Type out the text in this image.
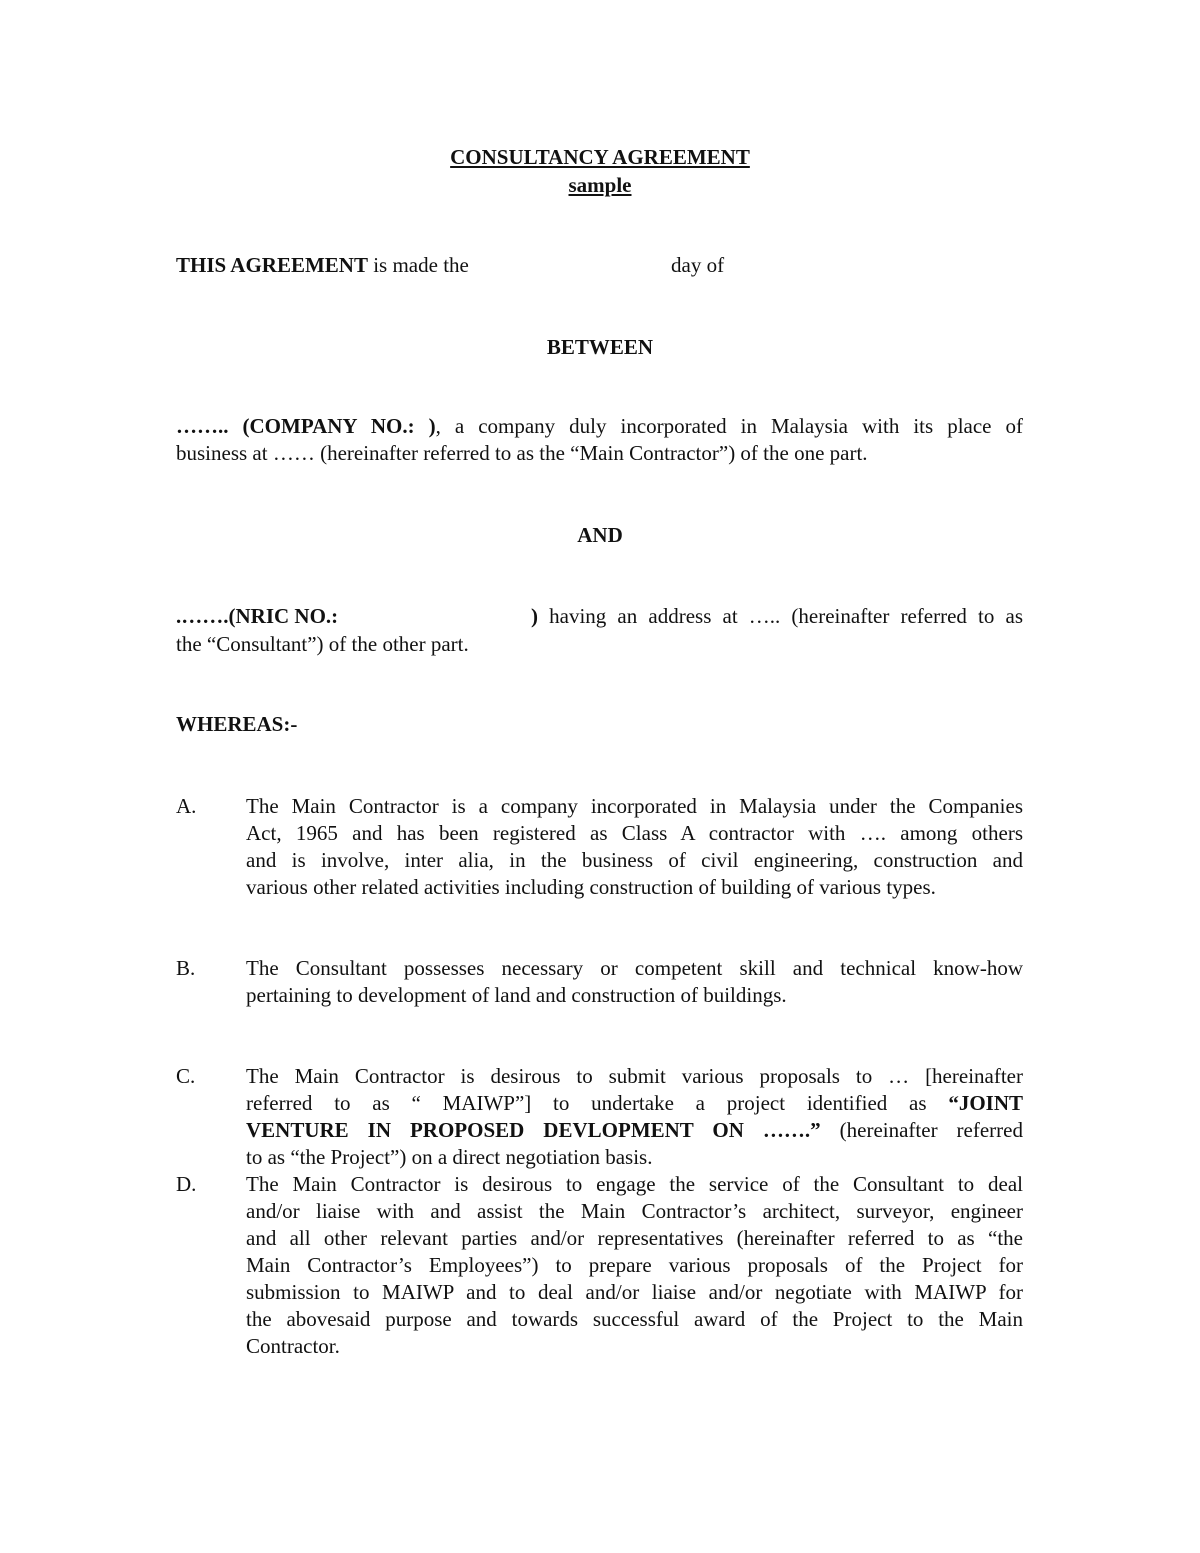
CONSULTANCY AGREEMENT
sample
THIS AGREEMENT is made the	day of
BETWEEN
…….. (COMPANY NO.: ), a company duly incorporated in Malaysia with its place of
business at …… (hereinafter referred to as the “Main Contractor”) of the one part.
AND
.…….(NRIC NO.:	) having an address at ….. (hereinafter referred to as
the “Consultant”) of the other part.
WHEREAS:-
A. The Main Contractor is a company incorporated in Malaysia under the Companies
Act, 1965 and has been registered as Class A contractor with …. among others
and is involve, inter alia, in the business of civil engineering, construction and
various other related activities including construction of building of various types.
B. The Consultant possesses necessary or competent skill and technical know-how
pertaining to development of land and construction of buildings.
C. The Main Contractor is desirous to submit various proposals to … [hereinafter
referred to as “ MAIWP”] to undertake a project identified as “JOINT
VENTURE IN PROPOSED DEVLOPMENT ON …….” (hereinafter referred
to as “the Project”) on a direct negotiation basis.
D. The Main Contractor is desirous to engage the service of the Consultant to deal
and/or liaise with and assist the Main Contractor’s architect, surveyor, engineer
and all other relevant parties and/or representatives (hereinafter referred to as “the
Main Contractor’s Employees”) to prepare various proposals of the Project for
submission to MAIWP and to deal and/or liaise and/or negotiate with MAIWP for
the abovesaid purpose and towards successful award of the Project to the Main
Contractor.
